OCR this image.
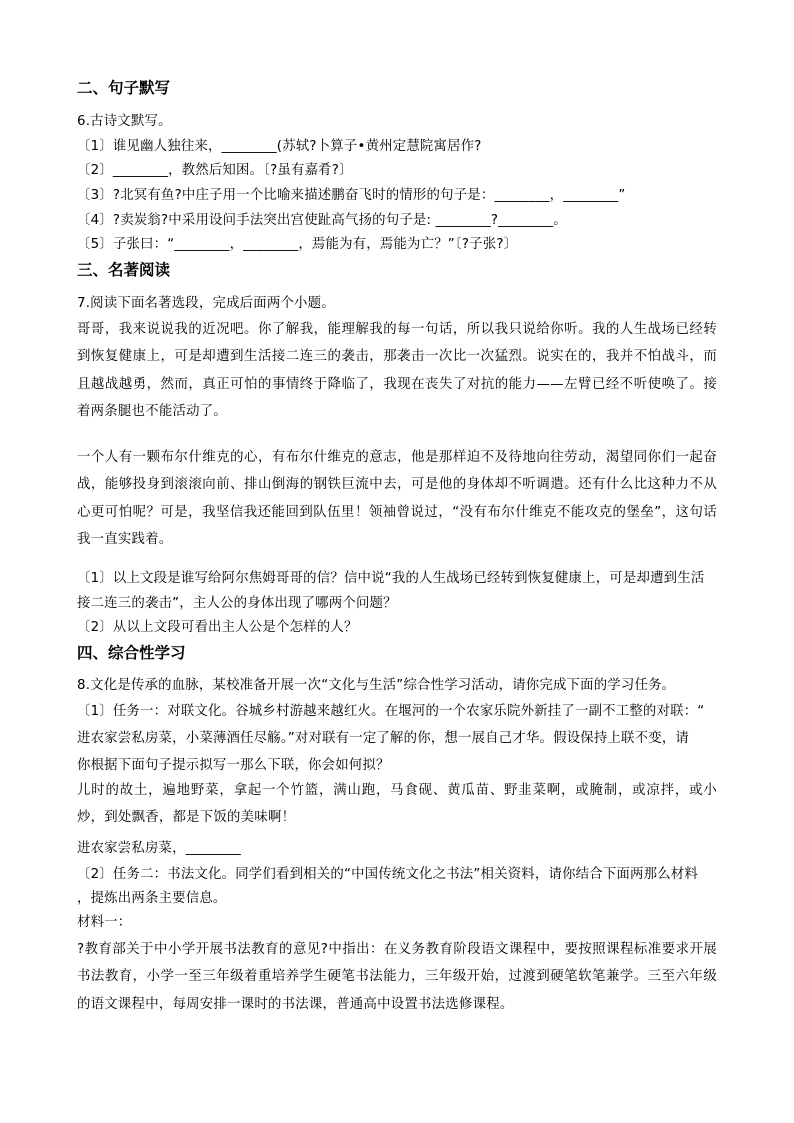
二、句子默写
6.古诗文默写。
〔1〕谁见幽人独往来，________(苏轼?卜算子•黄州定慧院寓居作?
〔2〕________，教然后知困。〔?虽有嘉肴?〕
〔3〕?北冥有鱼?中庄子用一个比喻来描述鹏奋飞时的情形的句子是：________，________”
〔4〕?卖炭翁?中采用设问手法突出宫使趾高气扬的句子是: ________?________。
〔5〕子张曰：“________，________，焉能为有，焉能为亡？”〔?子张?〕
三、名著阅读
7.阅读下面名著选段，完成后面两个小题。
哥哥，我来说说我的近况吧。你了解我，能理解我的每一句话，所以我只说给你听。我的人生战场已经转到恢复健康上，可是却遭到生活接二连三的袭击，那袭击一次比一次猛烈。说实在的，我并不怕战斗，而且越战越勇，然而，真正可怕的事情终于降临了，我现在丧失了对抗的能力——左臂已经不听使唤了。接着两条腿也不能活动了。
一个人有一颗布尔什维克的心，有布尔什维克的意志，他是那样迫不及待地向往劳动，渴望同你们一起奋战，能够投身到滚滚向前、排山倒海的钢铁巨流中去，可是他的身体却不听调遣。还有什么比这种力不从心更可怕呢？可是，我坚信我还能回到队伍里！领袖曾说过，“没有布尔什维克不能攻克的堡垒”，这句话我一直实践着。
〔1〕以上文段是谁写给阿尔焦姆哥哥的信？信中说“我的人生战场已经转到恢复健康上，可是却遭到生活
接二连三的袭击”，主人公的身体出现了哪两个问题？
〔2〕从以上文段可看出主人公是个怎样的人？
四、综合性学习
8.文化是传承的血脉，某校准备开展一次“文化与生活”综合性学习活动，请你完成下面的学习任务。
〔1〕任务一：对联文化。谷城乡村游越来越红火。在堰河的一个农家乐院外新挂了一副不工整的对联：“
进农家尝私房菜，小菜薄酒任尽觞。”对对联有一定了解的你，想一展自己才华。假设保持上联不变，请
你根据下面句子提示拟写一那么下联，你会如何拟？
儿时的故土，遍地野菜，拿起一个竹篮，满山跑，马食砚、黄瓜苗、野韭菜啊，或腌制，或凉拌，或小炒，到处飘香，都是下饭的美味啊！
进农家尝私房菜，________
〔2〕任务二：书法文化。同学们看到相关的“中国传统文化之书法”相关资料，请你结合下面两那么材料
，提炼出两条主要信息。
材料一：
?教育部关于中小学开展书法教育的意见?中指出：在义务教育阶段语文课程中，要按照课程标准要求开展书法教育，小学一至三年级着重培养学生硬笔书法能力，三年级开始，过渡到硬笔软笔兼学。三至六年级的语文课程中，每周安排一课时的书法课，普通高中设置书法选修课程。
